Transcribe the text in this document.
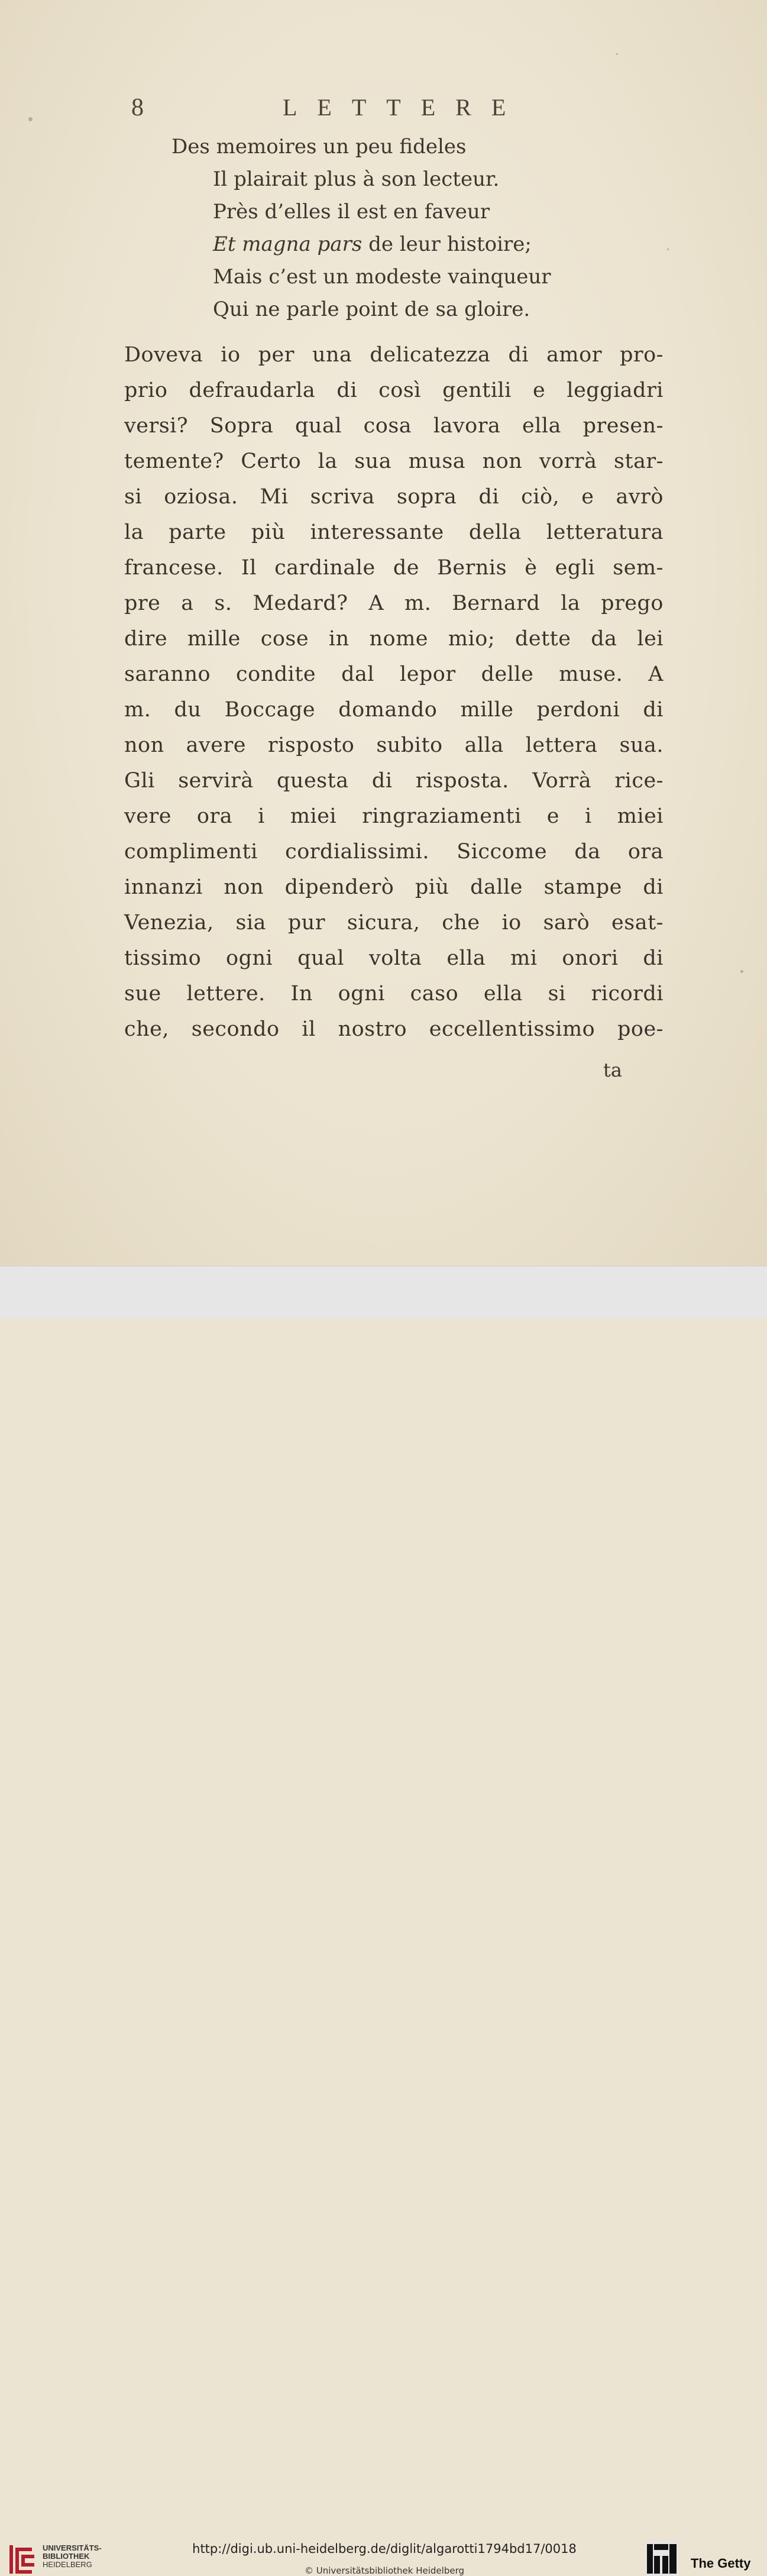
8	LETTERE
Des memoires un peu fideles
Il plairait plus à son lecteur.
Près d’elles il est en faveur
Et magna pars de leur histoire;
Mais c’est un modeste vainqueur
Qui ne parle point de sa gloire.
Doveva io per una delicatezza di amor pro-
prio defraudarla di così gentili e leggiadri
versi? Sopra qual cosa lavora ella presen-
temente? Certo la sua musa non vorrà star-
si oziosa. Mi scriva sopra di ciò, e avrò
la parte più interessante della letteratura
francese. Il cardinale de Bernis è egli sem-
pre a s. Medard? A m. Bernard la prego
dire mille cose in nome mio; dette da lei
saranno condite dal lepor delle muse. A
m. du Boccage domando mille perdoni di
non avere risposto subito alla lettera sua.
Gli servirà questa di risposta. Vorrà rice-
vere ora i miei ringraziamenti e i miei
complimenti cordialissimi. Siccome da ora
innanzi non dipenderò più dalle stampe di
Venezia, sia pur sicura, che io sarò esat-
tissimo ogni qual volta ella mi onori di
sue lettere. In ogni caso ella si ricordi
che, secondo il nostro eccellentissimo poe-
ta
UNIVERSITÄTS-
BIBLIOTHEK
HEIDELBERG
http://digi.ub.uni-heidelberg.de/diglit/algarotti1794bd17/0018
© Universitätsbibliothek Heidelberg	The Getty
